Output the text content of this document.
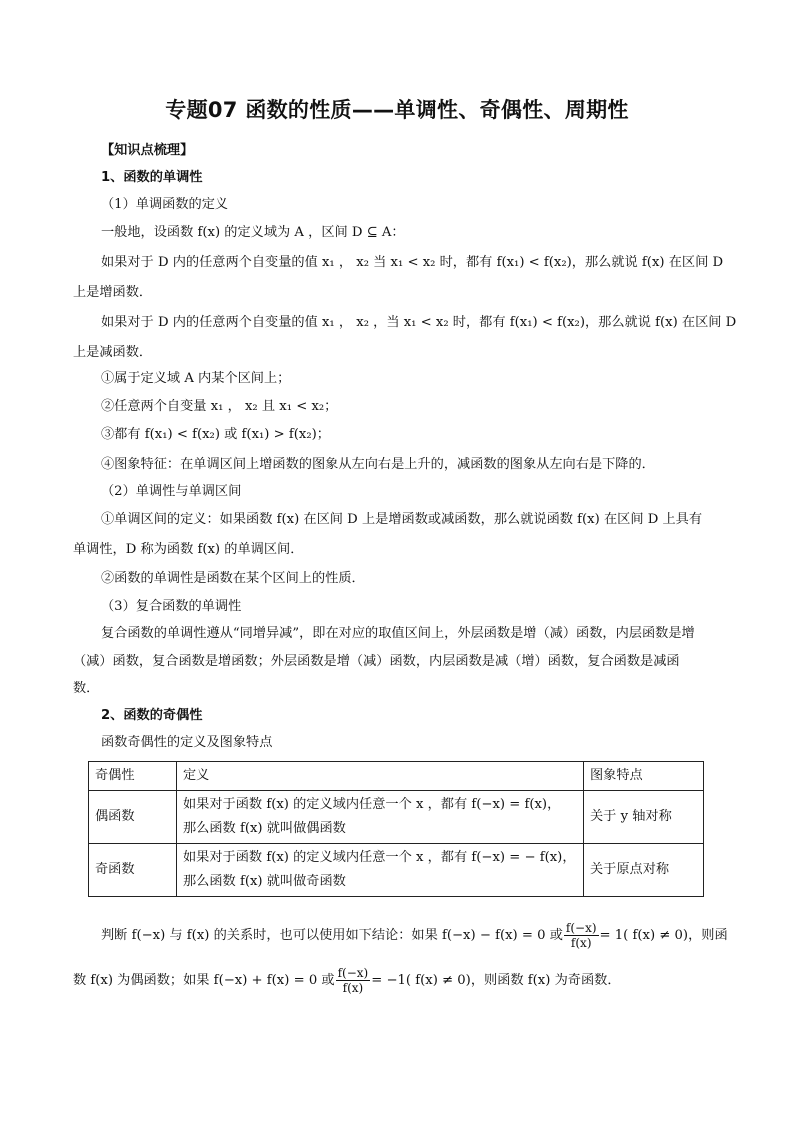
专题07 函数的性质——单调性、奇偶性、周期性
【知识点梳理】
1、函数的单调性
（1）单调函数的定义
一般地，设函数 f(x) 的定义域为 A ，区间 D ⊆ A：
如果对于 D 内的任意两个自变量的值 x₁ ， x₂ 当 x₁ < x₂ 时，都有 f(x₁) < f(x₂)，那么就说 f(x) 在区间 D
上是增函数．
如果对于 D 内的任意两个自变量的值 x₁ ， x₂ ，当 x₁ < x₂ 时，都有 f(x₁) < f(x₂)，那么就说 f(x) 在区间 D
上是减函数．
①属于定义域 A 内某个区间上；
②任意两个自变量 x₁ ， x₂ 且 x₁ < x₂；
③都有 f(x₁) < f(x₂) 或 f(x₁) > f(x₂)；
④图象特征：在单调区间上增函数的图象从左向右是上升的，减函数的图象从左向右是下降的．
（2）单调性与单调区间
①单调区间的定义：如果函数 f(x) 在区间 D 上是增函数或减函数，那么就说函数 f(x) 在区间 D 上具有
单调性，D 称为函数 f(x) 的单调区间．
②函数的单调性是函数在某个区间上的性质．
（3）复合函数的单调性
复合函数的单调性遵从“同增异减”，即在对应的取值区间上，外层函数是增（减）函数，内层函数是增
（减）函数，复合函数是增函数；外层函数是增（减）函数，内层函数是减（增）函数，复合函数是减函
数．
2、函数的奇偶性
函数奇偶性的定义及图象特点
奇偶性	定义	图象特点
偶函数	如果对于函数 f(x) 的定义域内任意一个 x ，都有 f(−x) = f(x)，
那么函数 f(x) 就叫做偶函数	关于 y 轴对称
奇函数	如果对于函数 f(x) 的定义域内任意一个 x ，都有 f(−x) = − f(x)，
那么函数 f(x) 就叫做奇函数	关于原点对称
判断 f(−x) 与 f(x) 的关系时，也可以使用如下结论：如果 f(−x) − f(x) = 0 或 $\frac{f(-x)}{f(x)} = 1$( f(x) ≠ 0)，则函
数 f(x) 为偶函数；如果 f(−x) + f(x) = 0 或 $\frac{f(-x)}{f(x)} = -1$( f(x) ≠ 0)，则函数 f(x) 为奇函数．
